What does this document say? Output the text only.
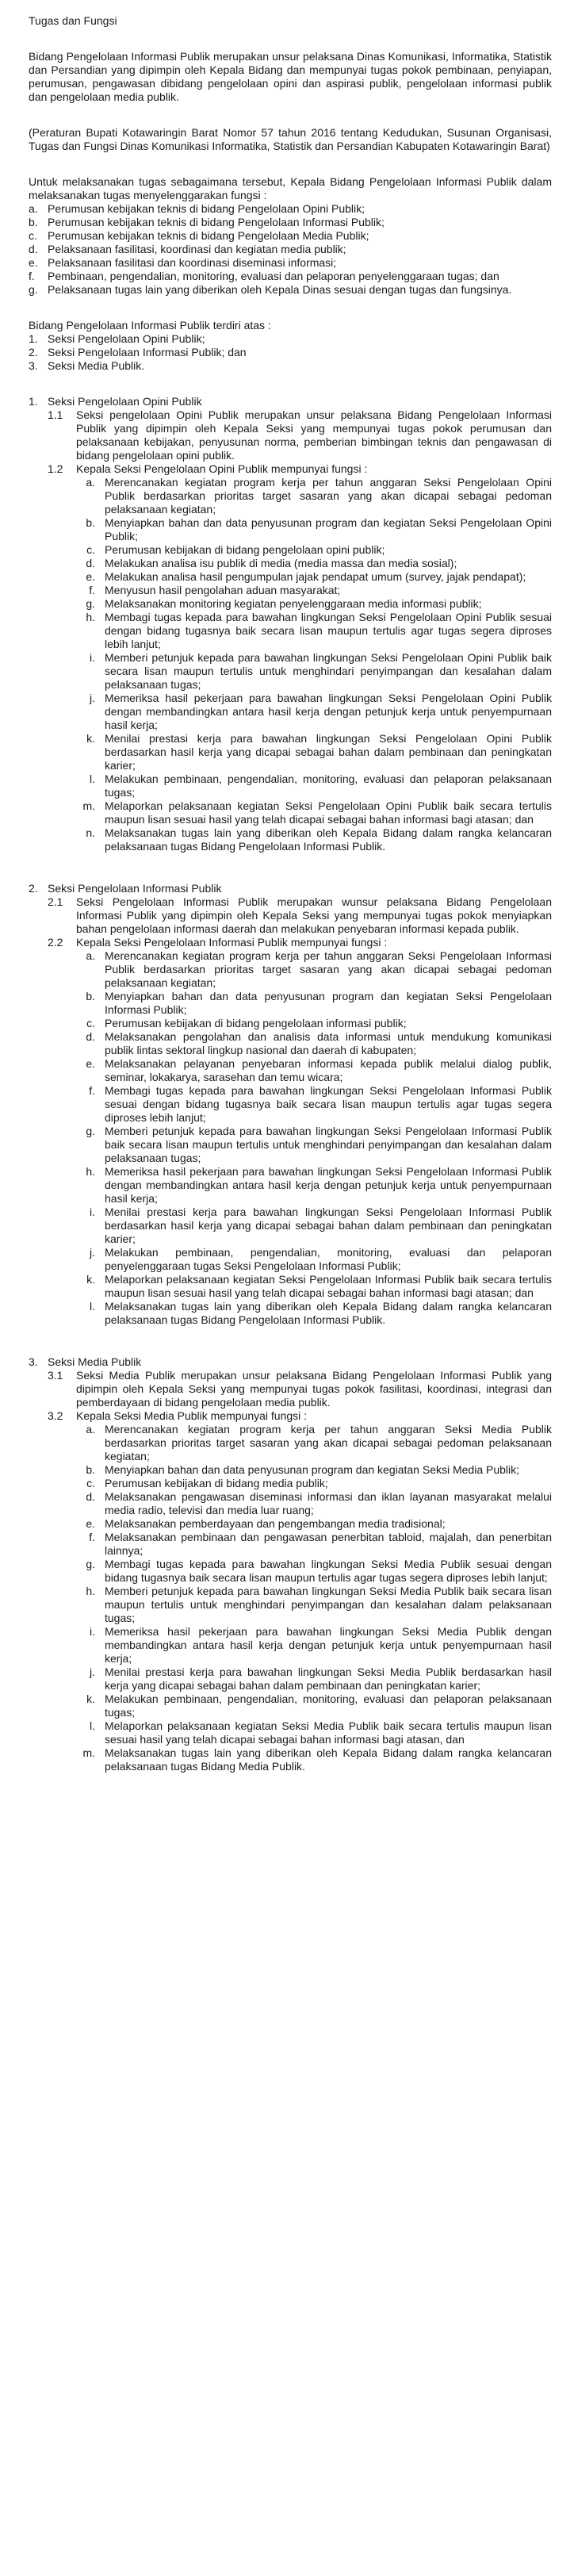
Tugas dan Fungsi

Bidang Pengelolaan Informasi Publik merupakan unsur pelaksana Dinas Komunikasi, Informatika, Statistik dan Persandian yang dipimpin oleh Kepala Bidang dan mempunyai tugas pokok pembinaan, penyiapan, perumusan, pengawasan dibidang pengelolaan opini dan aspirasi publik, pengelolaan informasi publik dan pengelolaan media publik.

(Peraturan Bupati Kotawaringin Barat Nomor 57 tahun 2016 tentang Kedudukan, Susunan Organisasi, Tugas dan Fungsi Dinas Komunikasi Informatika, Statistik dan Persandian Kabupaten Kotawaringin Barat)

Untuk melaksanakan tugas sebagaimana tersebut, Kepala Bidang Pengelolaan Informasi Publik dalam melaksanakan tugas menyelenggarakan fungsi :

a. Perumusan kebijakan teknis di bidang Pengelolaan Opini Publik;
b. Perumusan kebijakan teknis di bidang Pengelolaan Informasi Publik;
c. Perumusan kebijakan teknis di bidang Pengelolaan Media Publik;
d. Pelaksanaan fasilitasi, koordinasi dan kegiatan media publik;
e. Pelaksanaan fasilitasi dan koordinasi diseminasi informasi;
f.	Pembinaan, pengendalian, monitoring, evaluasi dan pelaporan penyelenggaraan tugas; dan
g. Pelaksanaan tugas lain yang diberikan oleh Kepala Dinas sesuai dengan tugas dan fungsinya.

Bidang Pengelolaan Informasi Publik terdiri atas :

1. Seksi Pengelolaan Opini Publik;
2. Seksi Pengelolaan Informasi Publik; dan
3. Seksi Media Publik.
1. Seksi Pengelolaan Opini Publik
1.1	Seksi pengelolaan Opini Publik merupakan unsur pelaksana Bidang Pengelolaan Informasi Publik yang dipimpin oleh Kepala Seksi yang mempunyai tugas pokok perumusan dan pelaksanaan kebijakan, penyusunan norma, pemberian bimbingan teknis dan pengawasan di bidang pengelolaan opini publik.
1.2	Kepala Seksi Pengelolaan Opini Publik mempunyai fungsi :
a. Merencanakan kegiatan program kerja per tahun anggaran Seksi Pengelolaan Opini Publik berdasarkan prioritas target sasaran yang akan dicapai sebagai pedoman pelaksanaan kegiatan;
b. Menyiapkan bahan dan data penyusunan program dan kegiatan Seksi Pengelolaan Opini Publik;
c. Perumusan kebijakan di bidang pengelolaan opini publik;
d. Melakukan analisa isu publik di media (media massa dan media sosial);
e. Melakukan analisa hasil pengumpulan jajak pendapat umum (survey, jajak pendapat);
f. Menyusun hasil pengolahan aduan masyarakat;
g. Melaksanakan monitoring kegiatan penyelenggaraan media informasi publik;
h. Membagi tugas kepada para bawahan lingkungan Seksi Pengelolaan Opini Publik sesuai dengan bidang tugasnya baik secara lisan maupun tertulis agar tugas segera diproses lebih lanjut;
i. Memberi petunjuk kepada para bawahan lingkungan Seksi Pengelolaan Opini Publik baik secara lisan maupun tertulis untuk menghindari penyimpangan dan kesalahan dalam pelaksanaan tugas;
j. Memeriksa hasil pekerjaan para bawahan lingkungan Seksi Pengelolaan Opini Publik dengan membandingkan antara hasil kerja dengan petunjuk kerja untuk penyempurnaan hasil kerja;
k. Menilai prestasi kerja para bawahan lingkungan Seksi Pengelolaan Opini Publik berdasarkan hasil kerja yang dicapai sebagai bahan dalam pembinaan dan peningkatan karier;
l. Melakukan pembinaan, pengendalian, monitoring, evaluasi dan pelaporan pelaksanaan tugas;
m. Melaporkan pelaksanaan kegiatan Seksi Pengelolaan Opini Publik baik secara tertulis maupun lisan sesuai hasil yang telah dicapai sebagai bahan informasi bagi atasan; dan
n. Melaksanakan tugas lain yang diberikan oleh Kepala Bidang dalam rangka kelancaran pelaksanaan tugas Bidang Pengelolaan Informasi Publik.
2. Seksi Pengelolaan Informasi Publik
2.1	Seksi Pengelolaan Informasi Publik merupakan wunsur pelaksana Bidang Pengelolaan Informasi Publik yang dipimpin oleh Kepala Seksi yang mempunyai tugas pokok menyiapkan bahan pengelolaan informasi daerah dan melakukan penyebaran informasi kepada publik.
2.2	Kepala Seksi Pengelolaan Informasi Publik mempunyai fungsi :
a. Merencanakan kegiatan program kerja per tahun anggaran Seksi Pengelolaan Informasi Publik berdasarkan prioritas target sasaran yang akan dicapai sebagai pedoman pelaksanaan kegiatan;
b. Menyiapkan bahan dan data penyusunan program dan kegiatan Seksi Pengelolaan Informasi Publik;
c. Perumusan kebijakan di bidang pengelolaan informasi publik;
d. Melaksanakan pengolahan dan analisis data informasi untuk mendukung komunikasi publik lintas sektoral lingkup nasional dan daerah di kabupaten;
e. Melaksanakan pelayanan penyebaran informasi kepada publik melalui dialog publik, seminar, lokakarya, sarasehan dan temu wicara;
f. Membagi tugas kepada para bawahan lingkungan Seksi Pengelolaan Informasi Publik sesuai dengan bidang tugasnya baik secara lisan maupun tertulis agar tugas segera diproses lebih lanjut;
g. Memberi petunjuk kepada para bawahan lingkungan Seksi Pengelolaan Informasi Publik baik secara lisan maupun tertulis untuk menghindari penyimpangan dan kesalahan dalam pelaksanaan tugas;
h. Memeriksa hasil pekerjaan para bawahan lingkungan Seksi Pengelolaan Informasi Publik dengan membandingkan antara hasil kerja dengan petunjuk kerja untuk penyempurnaan hasil kerja;
i. Menilai prestasi kerja para bawahan lingkungan Seksi Pengelolaan Informasi Publik berdasarkan hasil kerja yang dicapai sebagai bahan dalam pembinaan dan peningkatan karier;
j. Melakukan pembinaan, pengendalian, monitoring, evaluasi dan pelaporan penyelenggaraan tugas Seksi Pengelolaan Informasi Publik;
k. Melaporkan pelaksanaan kegiatan Seksi Pengelolaan Informasi Publik baik secara tertulis maupun lisan sesuai hasil yang telah dicapai sebagai bahan informasi bagi atasan; dan
l. Melaksanakan tugas lain yang diberikan oleh Kepala Bidang dalam rangka kelancaran pelaksanaan tugas Bidang Pengelolaan Informasi Publik.
3. Seksi Media Publik
3.1	Seksi Media Publik merupakan unsur pelaksana Bidang Pengelolaan Informasi Publik yang dipimpin oleh Kepala Seksi yang mempunyai tugas pokok fasilitasi, koordinasi, integrasi dan pemberdayaan di bidang pengelolaan media publik.
3.2	Kepala Seksi Media Publik mempunyai fungsi :
a. Merencanakan kegiatan program kerja per tahun anggaran Seksi Media Publik berdasarkan prioritas target sasaran yang akan dicapai sebagai pedoman pelaksanaan kegiatan;
b. Menyiapkan bahan dan data penyusunan program dan kegiatan Seksi Media Publik;
c. Perumusan kebijakan di bidang media publik;
d. Melaksanakan pengawasan diseminasi informasi dan iklan layanan masyarakat melalui media radio, televisi dan media luar ruang;
e. Melaksanakan pemberdayaan dan pengembangan media tradisional;
f. Melaksanakan pembinaan dan pengawasan penerbitan tabloid, majalah, dan penerbitan lainnya;
g. Membagi tugas kepada para bawahan lingkungan Seksi Media Publik sesuai dengan bidang tugasnya baik secara lisan maupun tertulis agar tugas segera diproses lebih lanjut;
h. Memberi petunjuk kepada para bawahan lingkungan Seksi Media Publik baik secara lisan maupun tertulis untuk menghindari penyimpangan dan kesalahan dalam pelaksanaan tugas;
i. Memeriksa hasil pekerjaan para bawahan lingkungan Seksi Media Publik dengan membandingkan antara hasil kerja dengan petunjuk kerja untuk penyempurnaan hasil kerja;
j. Menilai prestasi kerja para bawahan lingkungan Seksi Media Publik berdasarkan hasil kerja yang dicapai sebagai bahan dalam pembinaan dan peningkatan karier;
k. Melakukan pembinaan, pengendalian, monitoring, evaluasi dan pelaporan pelaksanaan tugas;
l. Melaporkan pelaksanaan kegiatan Seksi Media Publik baik secara tertulis maupun lisan sesuai hasil yang telah dicapai sebagai bahan informasi bagi atasan, dan
m. Melaksanakan tugas lain yang diberikan oleh Kepala Bidang dalam rangka kelancaran pelaksanaan tugas Bidang Media Publik.
